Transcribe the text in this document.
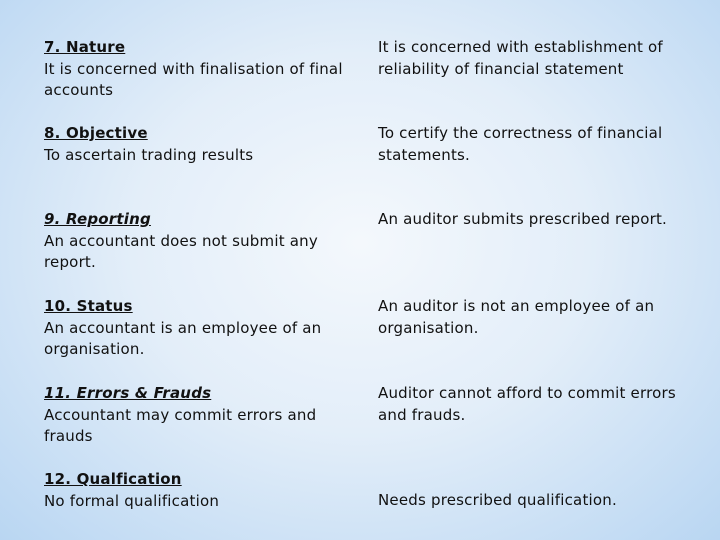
7. Nature
It is concerned with finalisation of final accounts
It is concerned with establishment of reliability of financial statement
8. Objective
To ascertain trading results
To certify the correctness of financial statements.
9. Reporting
An accountant does not submit any report.
An auditor submits prescribed report.
10. Status
An accountant is an employee of an organisation.
An auditor is not an employee of an organisation.
11. Errors & Frauds
Accountant may commit errors and frauds
Auditor cannot afford to commit errors and frauds.
12. Qualfication
No formal qualification	Needs prescribed qualification.
